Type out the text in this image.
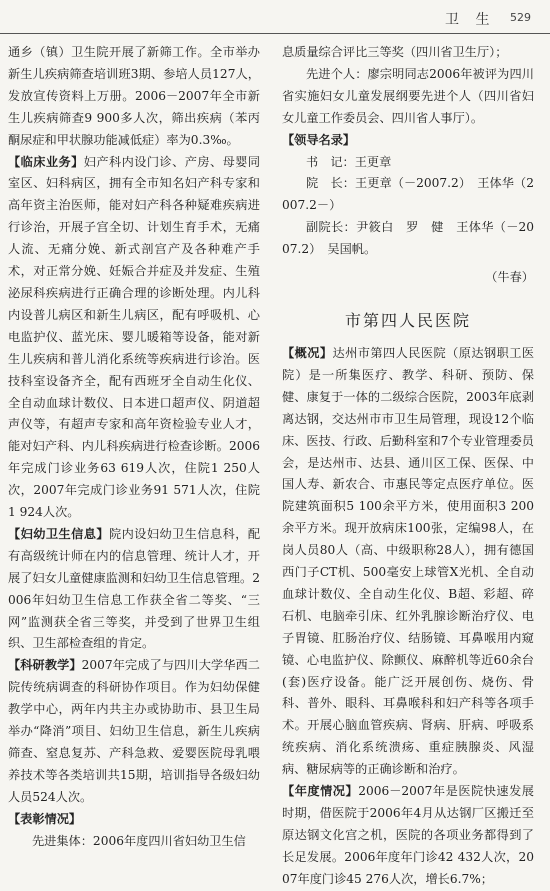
卫 生 529

通乡（镇）卫生院开展了新筛工作。全市举办新生儿疾病筛查培训班3期、参培人员127人，发放宣传资料上万册。2006－2007年全市新生儿疾病筛查9 900多人次，筛出疾病（苯丙酮尿症和甲状腺功能减低症）率为0.3‰。

【临床业务】妇产科内设门诊、产房、母婴同室区、妇科病区，拥有全市知名妇产科专家和高年资主治医师，能对妇产科各种疑难疾病进行诊治，开展子宫全切、计划生育手术，无痛人流、无痛分娩、新式剖宫产及各种难产手术，对正常分娩、妊娠合并症及并发症、生殖泌尿科疾病进行正确合理的诊断处理。内儿科内设普儿病区和新生儿病区，配有呼吸机、心电监护仪、蓝光床、婴儿暖箱等设备，能对新生儿疾病和普儿消化系统等疾病进行诊治。医技科室设备齐全，配有西班牙全自动生化仪、全自动血球计数仪、日本进口超声仪、阴道超声仪等，有超声专家和高年资检验专业人才，能对妇产科、内儿科疾病进行检查诊断。2006年完成门诊业务63 619人次，住院1 250人次，2007年完成门诊业务91 571人次，住院1 924人次。

【妇幼卫生信息】院内设妇幼卫生信息科，配有高级统计师在内的信息管理、统计人才，开展了妇女儿童健康监测和妇幼卫生信息管理。2006年妇幼卫生信息工作获全省二等奖、“三网”监测获全省三等奖，并受到了世界卫生组织、卫生部检查组的肯定。

【科研教学】2007年完成了与四川大学华西二院传统病调查的科研协作项目。作为妇幼保健教学中心，两年内共主办或协助市、县卫生局举办“降消”项目、妇幼卫生信息，新生儿疾病筛查、窒息复苏、产科急救、爱婴医院母乳喂养技术等各类培训共15期，培训指导各级妇幼人员524人次。

【表彰情况】

先进集体：2006年度四川省妇幼卫生信

息质量综合评比三等奖（四川省卫生厅）；

先进个人：廖宗明同志2006年被评为四川省实施妇女儿童发展纲要先进个人（四川省妇女儿童工作委员会、四川省人事厅）。

【领导名录】

书　记：王更章

院　长：王更章（－2007.2）　王体华（2007.2－）

副院长：尹筱白　罗　健　王体华（－2007.2）　吴国帆。

（牛春）

市第四人民医院

【概况】达州市第四人民医院（原达钢职工医院）是一所集医疗、教学、科研、预防、保健、康复于一体的二级综合医院，2003年底剥离达钢，交达州市市卫生局管理，现设12个临床、医技、行政、后勤科室和7个专业管理委员会，是达州市、达县、通川区工保、医保、中国人寿、新农合、市惠民等定点医疗单位。医院建筑面积5 100余平方米，使用面积3 200余平方米。现开放病床100张，定编98人，在岗人员80人（高、中级职称28人），拥有德国西门子CT机、500毫安上球管X光机、全自动血球计数仪、全自动生化仪、B超、彩超、碎石机、电脑牵引床、红外乳腺诊断治疗仪、电子胃镜、肛肠治疗仪、结肠镜、耳鼻喉用内窥镜、心电监护仪、除颤仪、麻醉机等近60余台(套)医疗设备。能广泛开展创伤、烧伤、骨科、普外、眼科、耳鼻喉科和妇产科等各项手术。开展心脑血管疾病、肾病、肝病、呼吸系统疾病、消化系统溃疡、重症胰腺炎、风湿病、糖尿病等的正确诊断和治疗。

【年度情况】2006－2007年是医院快速发展时期，借医院于2006年4月从达钢厂区搬迁至原达钢文化宫之机，医院的各项业务都得到了长足发展。2006年度年门诊42 432人次，2007年度门诊45 276人次，增长6.7%；
